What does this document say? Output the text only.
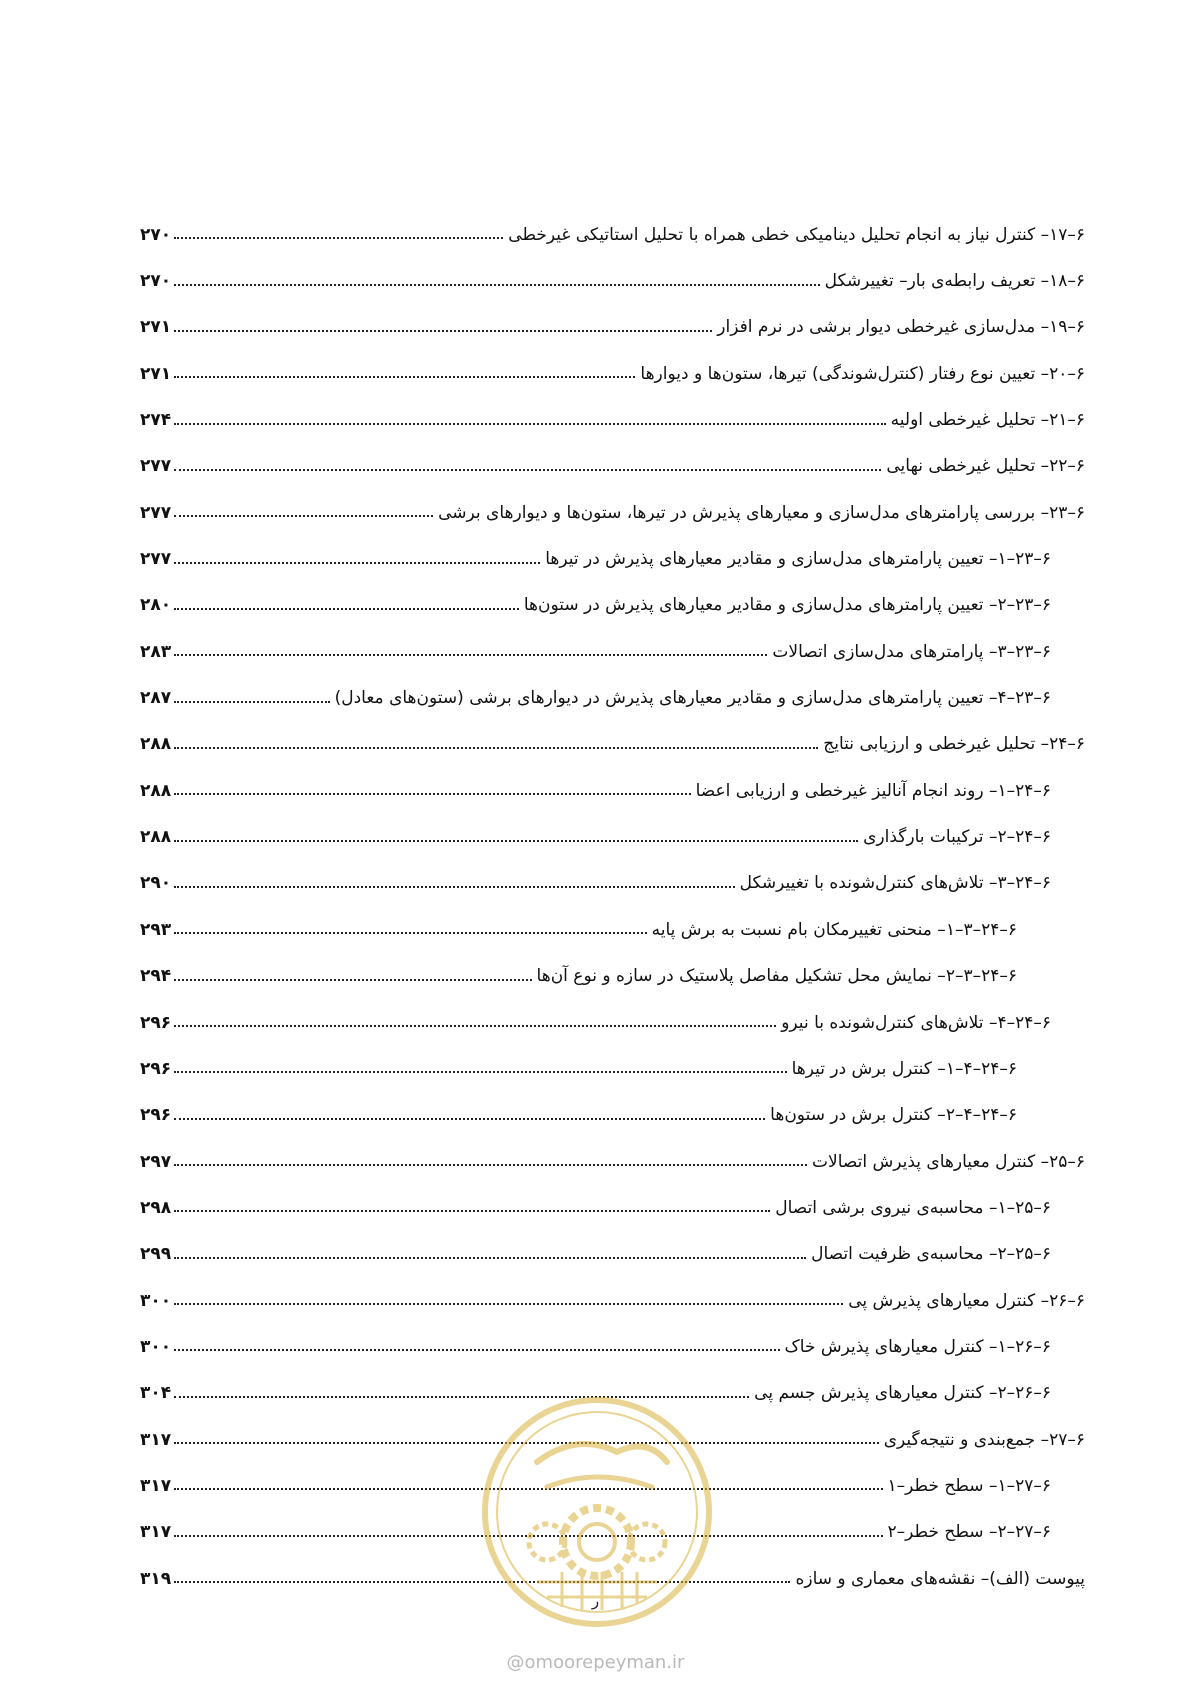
۶–۱۷– کنترل نیاز به انجام تحلیل دینامیکی خطی همراه با تحلیل استاتیکی غیرخطی
۲۷۰
۶–۱۸– تعریف رابطه‌ی بار– تغییرشکل
۲۷۰
۶–۱۹– مدل‌سازی غیرخطی دیوار برشی در نرم افزار
۲۷۱
۶–۲۰– تعیین نوع رفتار (کنترل‌شوندگی) تیرها، ستون‌ها و دیوارها
۲۷۱
۶–۲۱– تحلیل غیرخطی اولیه
۲۷۴
۶–۲۲– تحلیل غیرخطی نهایی
۲۷۷
۶–۲۳– بررسی پارامترهای مدل‌سازی و معیارهای پذیرش در تیرها، ستون‌ها و دیوارهای برشی
۲۷۷
۶–۲۳–۱– تعیین پارامترهای مدل‌سازی و مقادیر معیارهای پذیرش در تیرها
۲۷۷
۶–۲۳–۲– تعیین پارامترهای مدل‌سازی و مقادیر معیارهای پذیرش در ستون‌ها
۲۸۰
۶–۲۳–۳– پارامترهای مدل‌سازی اتصالات
۲۸۳
۶–۲۳–۴– تعیین پارامترهای مدل‌سازی و مقادیر معیارهای پذیرش در دیوارهای برشی (ستون‌های معادل)
۲۸۷
۶–۲۴– تحلیل غیرخطی و ارزیابی نتایج
۲۸۸
۶–۲۴–۱– روند انجام آنالیز غیرخطی و ارزیابی اعضا
۲۸۸
۶–۲۴–۲– ترکیبات بارگذاری
۲۸۸
۶–۲۴–۳– تلاش‌های کنترل‌شونده با تغییرشکل
۲۹۰
۶–۲۴–۳–۱– منحنی تغییرمکان بام نسبت به برش پایه
۲۹۳
۶–۲۴–۳–۲– نمایش محل تشکیل مفاصل پلاستیک در سازه و نوع آن‌ها
۲۹۴
۶–۲۴–۴– تلاش‌های کنترل‌شونده با نیرو
۲۹۶
۶–۲۴–۴–۱– کنترل برش در تیرها
۲۹۶
۶–۲۴–۴–۲– کنترل برش در ستون‌ها
۲۹۶
۶–۲۵– کنترل معیارهای پذیرش اتصالات
۲۹۷
۶–۲۵–۱– محاسبه‌ی نیروی برشی اتصال
۲۹۸
۶–۲۵–۲– محاسبه‌ی ظرفیت اتصال
۲۹۹
۶–۲۶– کنترل معیارهای پذیرش پی
۳۰۰
۶–۲۶–۱– کنترل معیارهای پذیرش خاک
۳۰۰
۶–۲۶–۲– کنترل معیارهای پذیرش جسم پی
۳۰۴
۶–۲۷– جمع‌بندی و نتیجه‌گیری
۳۱۷
۶–۲۷–۱– سطح خطر–۱
۳۱۷
۶–۲۷–۲– سطح خطر–۲
۳۱۷
پیوست (الف)– نقشه‌های معماری و سازه
۳۱۹
ر
@omoorepeyman.ir
